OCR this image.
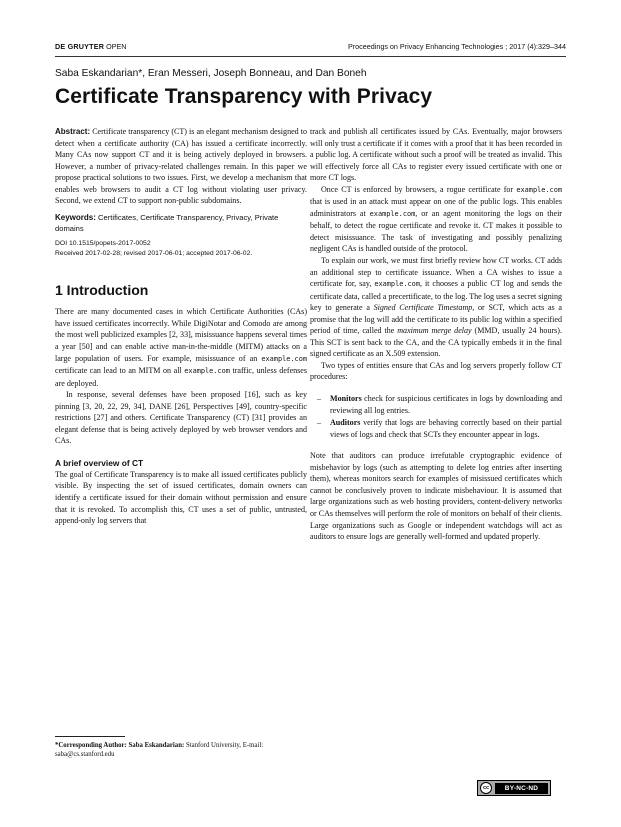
DE GRUYTER OPEN	Proceedings on Privacy Enhancing Technologies ; 2017 (4):329–344
Saba Eskandarian*, Eran Messeri, Joseph Bonneau, and Dan Boneh
Certificate Transparency with Privacy

Abstract: Certificate transparency (CT) is an elegant mechanism designed to detect when a certificate authority (CA) has issued a certificate incorrectly. Many CAs now support CT and it is being actively deployed in browsers. However, a number of privacy-related challenges remain. In this paper we propose practical solutions to two issues. First, we develop a mechanism that enables web browsers to audit a CT log without violating user privacy. Second, we extend CT to support non-public subdomains.

Keywords: Certificates, Certificate Transparency, Privacy, Private domains
DOI 10.1515/popets-2017-0052
Received 2017-02-28; revised 2017-06-01; accepted 2017-06-02.
1 Introduction

There are many documented cases in which Certificate Authorities (CAs) have issued certificates incorrectly. While DigiNotar and Comodo are among the most well publicized examples [2, 33], misissuance happens several times a year [50] and can enable active man-in-the-middle (MITM) attacks on a large population of users. For example, misissuance of an example.com certificate can lead to an MITM on all example.com traffic, unless defenses are deployed.

In response, several defenses have been proposed [16], such as key pinning [3, 20, 22, 29, 34], DANE [26], Perspectives [49], country-specific restrictions [27] and others. Certificate Transparency (CT) [31] provides an elegant defense that is being actively deployed by web browser vendors and CAs.

A brief overview of CT

The goal of Certificate Transparency is to make all issued certificates publicly visible. By inspecting the set of issued certificates, domain owners can identify a certificate issued for their domain without permission and ensure that it is revoked. To accomplish this, CT uses a set of public, untrusted, append-only log servers that

track and publish all certificates issued by CAs. Eventually, major browsers will only trust a certificate if it comes with a proof that it has been recorded in a public log. A certificate without such a proof will be treated as invalid. This will effectively force all CAs to register every issued certificate with one or more CT logs.

Once CT is enforced by browsers, a rogue certificate for example.com that is used in an attack must appear on one of the public logs. This enables administrators at example.com, or an agent monitoring the logs on their behalf, to detect the rogue certificate and revoke it. CT makes it possible to detect misissuance. The task of investigating and possibly penalizing negligent CAs is handled outside of the protocol.

To explain our work, we must first briefly review how CT works. CT adds an additional step to certificate issuance. When a CA wishes to issue a certificate for, say, example.com, it chooses a public CT log and sends the certificate data, called a precertificate, to the log. The log uses a secret signing key to generate a Signed Certificate Timestamp, or SCT, which acts as a promise that the log will add the certificate to its public log within a specified period of time, called the maximum merge delay (MMD, usually 24 hours). This SCT is sent back to the CA, and the CA typically embeds it in the final signed certificate as an X.509 extension.

Two types of entities ensure that CAs and log servers properly follow CT procedures:

– Monitors check for suspicious certificates in logs by downloading and reviewing all log entries.
– Auditors verify that logs are behaving correctly based on their partial views of logs and check that SCTs they encounter appear in logs.

Note that auditors can produce irrefutable cryptographic evidence of misbehavior by logs (such as attempting to delete log entries after inserting them), whereas monitors search for examples of misissued certificates which cannot be conclusively proven to indicate misbehaviour. It is assumed that large organizations such as web hosting providers, content-delivery networks or CAs themselves will perform the role of monitors on behalf of their clients. Large organizations such as Google or independent watchdogs will act as auditors to ensure logs are generally well-formed and updated properly.

*Corresponding Author: Saba Eskandarian: Stanford University, E-mail: saba@cs.stanford.edu
cc	BY-NC-ND
